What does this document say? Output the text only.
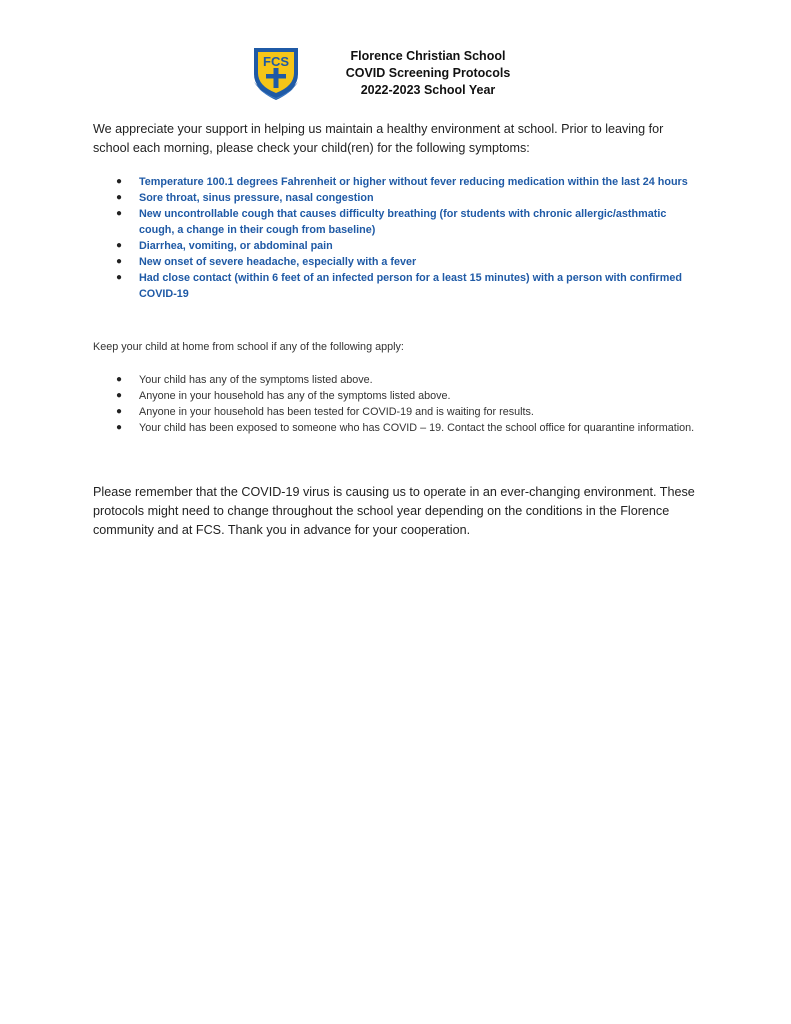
FCS	Florence Christian School
COVID Screening Protocols
2022-2023 School Year

We appreciate your support in helping us maintain a healthy environment at school. Prior to leaving for school each morning, please check your child(ren) for the following symptoms:

● Temperature 100.1 degrees Fahrenheit or higher without fever reducing medication within the last 24 hours
● Sore throat, sinus pressure, nasal congestion
● New uncontrollable cough that causes difficulty breathing (for students with chronic allergic/asthmatic cough, a change in their cough from baseline)
● Diarrhea, vomiting, or abdominal pain
● New onset of severe headache, especially with a fever
● Had close contact (within 6 feet of an infected person for a least 15 minutes) with a person with confirmed COVID-19

Keep your child at home from school if any of the following apply:

● Your child has any of the symptoms listed above.
● Anyone in your household has any of the symptoms listed above.
● Anyone in your household has been tested for COVID-19 and is waiting for results.
● Your child has been exposed to someone who has COVID – 19. Contact the school office for quarantine information.

Please remember that the COVID-19 virus is causing us to operate in an ever-changing environment. These protocols might need to change throughout the school year depending on the conditions in the Florence community and at FCS. Thank you in advance for your cooperation.
